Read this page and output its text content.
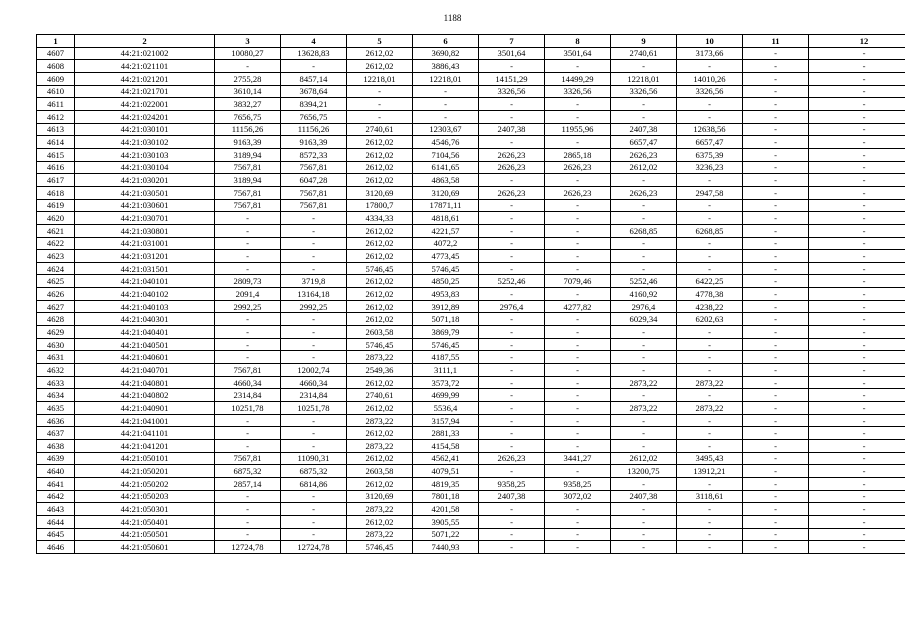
1188
1	2	3	4	5	6	7	8	9	10	11	12
4607	44:21:021002	10080,27	13628,83	2612,02	3690,82	3501,64	3501,64	2740,61	3173,66	-	-
4608	44:21:021101	-	-	2612,02	3886,43	-	-	-	-	-	-
4609	44:21:021201	2755,28	8457,14	12218,01	12218,01	14151,29	14499,29	12218,01	14010,26	-	-
4610	44:21:021701	3610,14	3678,64	-	-	3326,56	3326,56	3326,56	3326,56	-	-
4611	44:21:022001	3832,27	8394,21	-	-	-	-	-	-	-	-
4612	44:21:024201	7656,75	7656,75	-	-	-	-	-	-	-	-
4613	44:21:030101	11156,26	11156,26	2740,61	12303,67	2407,38	11955,96	2407,38	12638,56	-	-
4614	44:21:030102	9163,39	9163,39	2612,02	4546,76	-	-	6657,47	6657,47	-	-
4615	44:21:030103	3189,94	8572,33	2612,02	7104,56	2626,23	2865,18	2626,23	6375,39	-	-
4616	44:21:030104	7567,81	7567,81	2612,02	6141,65	2626,23	2626,23	2612,02	3236,23	-	-
4617	44:21:030201	3189,94	6047,28	2612,02	4863,58	-	-	-	-	-	-
4618	44:21:030501	7567,81	7567,81	3120,69	3120,69	2626,23	2626,23	2626,23	2947,58	-	-
4619	44:21:030601	7567,81	7567,81	17800,7	17871,11	-	-	-	-	-	-
4620	44:21:030701	-	-	4334,33	4818,61	-	-	-	-	-	-
4621	44:21:030801	-	-	2612,02	4221,57	-	-	6268,85	6268,85	-	-
4622	44:21:031001	-	-	2612,02	4072,2	-	-	-	-	-	-
4623	44:21:031201	-	-	2612,02	4773,45	-	-	-	-	-	-
4624	44:21:031501	-	-	5746,45	5746,45	-	-	-	-	-	-
4625	44:21:040101	2809,73	3719,8	2612,02	4850,25	5252,46	7079,46	5252,46	6422,25	-	-
4626	44:21:040102	2091,4	13164,18	2612,02	4953,83	-	-	4160,92	4778,38	-	-
4627	44:21:040103	2992,25	2992,25	2612,02	3912,89	2976,4	4277,82	2976,4	4238,22	-	-
4628	44:21:040301	-	-	2612,02	5071,18	-	-	6029,34	6202,63	-	-
4629	44:21:040401	-	-	2603,58	3869,79	-	-	-	-	-	-
4630	44:21:040501	-	-	5746,45	5746,45	-	-	-	-	-	-
4631	44:21:040601	-	-	2873,22	4187,55	-	-	-	-	-	-
4632	44:21:040701	7567,81	12002,74	2549,36	3111,1	-	-	-	-	-	-
4633	44:21:040801	4660,34	4660,34	2612,02	3573,72	-	-	2873,22	2873,22	-	-
4634	44:21:040802	2314,84	2314,84	2740,61	4699,99	-	-	-	-	-	-
4635	44:21:040901	10251,78	10251,78	2612,02	5536,4	-	-	2873,22	2873,22	-	-
4636	44:21:041001	-	-	2873,22	3157,94	-	-	-	-	-	-
4637	44:21:041101	-	-	2612,02	2881,33	-	-	-	-	-	-
4638	44:21:041201	-	-	2873,22	4154,58	-	-	-	-	-	-
4639	44:21:050101	7567,81	11090,31	2612,02	4562,41	2626,23	3441,27	2612,02	3495,43	-	-
4640	44:21:050201	6875,32	6875,32	2603,58	4079,51	-	-	13200,75	13912,21	-	-
4641	44:21:050202	2857,14	6814,86	2612,02	4819,35	9358,25	9358,25	-	-	-	-
4642	44:21:050203	-	-	3120,69	7801,18	2407,38	3072,02	2407,38	3118,61	-	-
4643	44:21:050301	-	-	2873,22	4201,58	-	-	-	-	-	-
4644	44:21:050401	-	-	2612,02	3905,55	-	-	-	-	-	-
4645	44:21:050501	-	-	2873,22	5071,22	-	-	-	-	-	-
4646	44:21:050601	12724,78	12724,78	5746,45	7440,93	-	-	-	-	-	-
